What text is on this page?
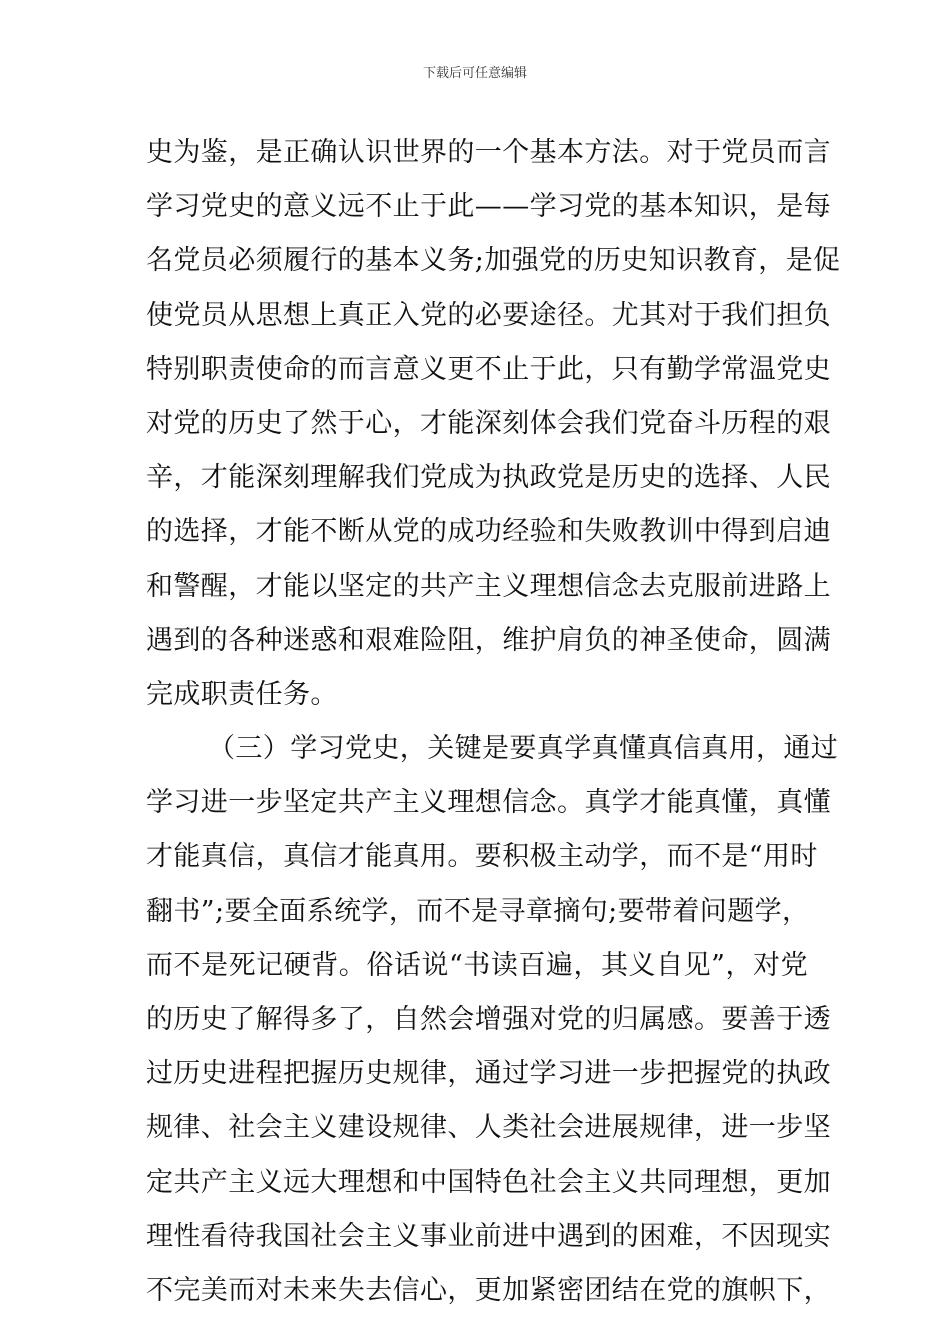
下载后可任意编辑
史为鉴，是正确认识世界的一个基本方法。对于党员而言
学习党史的意义远不止于此——学习党的基本知识，是每
名党员必须履行的基本义务;加强党的历史知识教育，是促
使党员从思想上真正入党的必要途径。尤其对于我们担负
特别职责使命的而言意义更不止于此，只有勤学常温党史
对党的历史了然于心，才能深刻体会我们党奋斗历程的艰
辛，才能深刻理解我们党成为执政党是历史的选择、人民
的选择，才能不断从党的成功经验和失败教训中得到启迪
和警醒，才能以坚定的共产主义理想信念去克服前进路上
遇到的各种迷惑和艰难险阻，维护肩负的神圣使命，圆满
完成职责任务。
（三）学习党史，关键是要真学真懂真信真用，通过
学习进一步坚定共产主义理想信念。真学才能真懂，真懂
才能真信，真信才能真用。要积极主动学，而不是“用时
翻书”;要全面系统学，而不是寻章摘句;要带着问题学，
而不是死记硬背。俗话说“书读百遍，其义自见”，对党
的历史了解得多了，自然会增强对党的归属感。要善于透
过历史进程把握历史规律，通过学习进一步把握党的执政
规律、社会主义建设规律、人类社会进展规律，进一步坚
定共产主义远大理想和中国特色社会主义共同理想，更加
理性看待我国社会主义事业前进中遇到的困难，不因现实
不完美而对未来失去信心，更加紧密团结在党的旗帜下，
